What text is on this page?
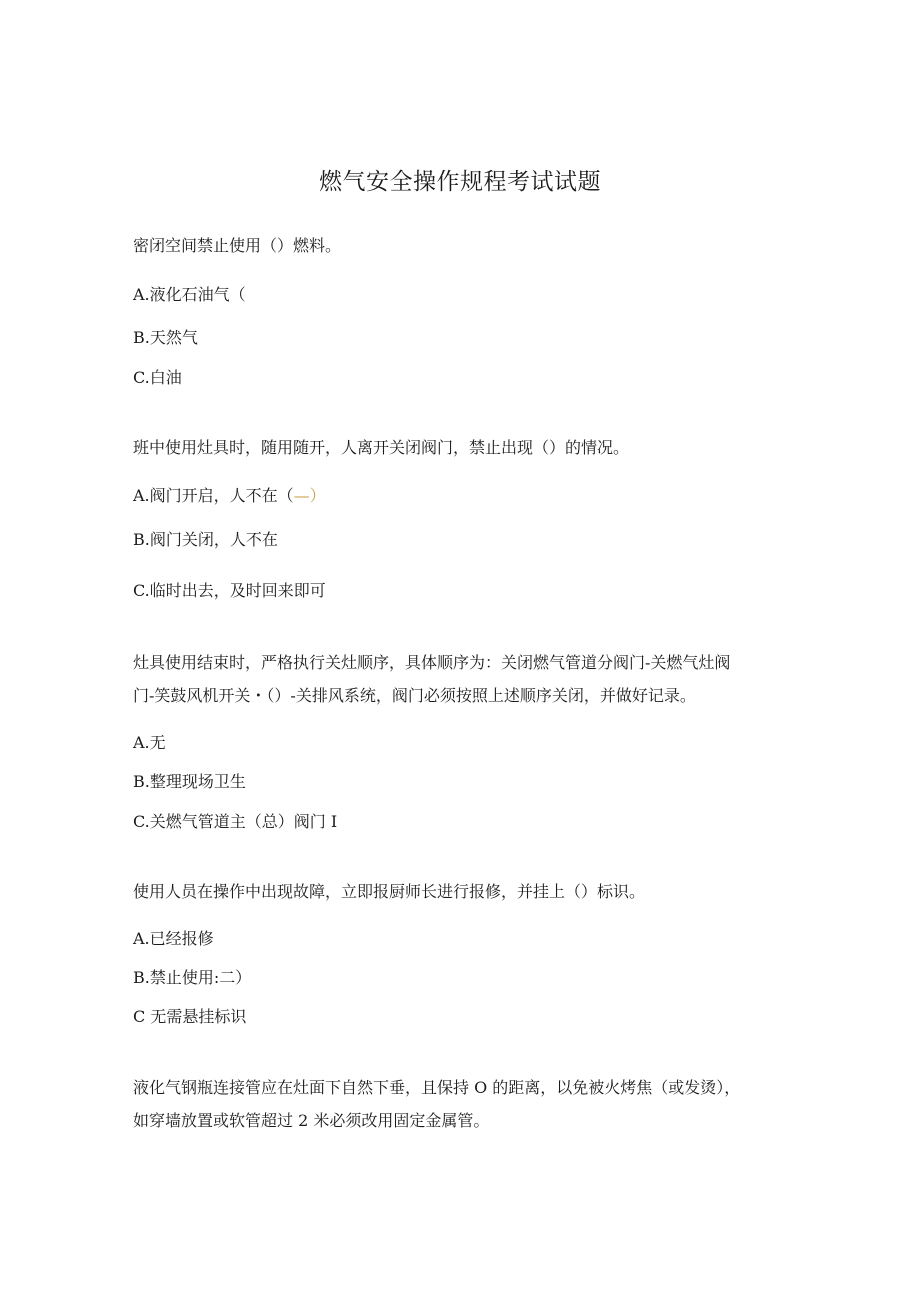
燃气安全操作规程考试试题
密闭空间禁止使用（）燃料。
A.液化石油气（
B.天然气
C.白油
班中使用灶具时，随用随开，人离开关闭阀门，禁止出现（）的情况。
A.阀门开启，人不在（—）
B.阀门关闭，人不在
C.临时出去，及时回来即可
灶具使用结束时，严格执行关灶顺序，具体顺序为：关闭燃气管道分阀门-关燃气灶阀
门-笑鼓风机开关・（）-关排风系统，阀门必须按照上述顺序关闭，并做好记录。
A.无
B.整理现场卫生
C.关燃气管道主（总）阀门 I
使用人员在操作中出现故障，立即报厨师长进行报修，并挂上（）标识。
A.已经报修
B.禁止使用:二）
C 无需悬挂标识
液化气钢瓶连接管应在灶面下自然下垂，且保持 O 的距离，以免被火烤焦（或发烫），
如穿墙放置或软管超过 2 米必须改用固定金属管。
